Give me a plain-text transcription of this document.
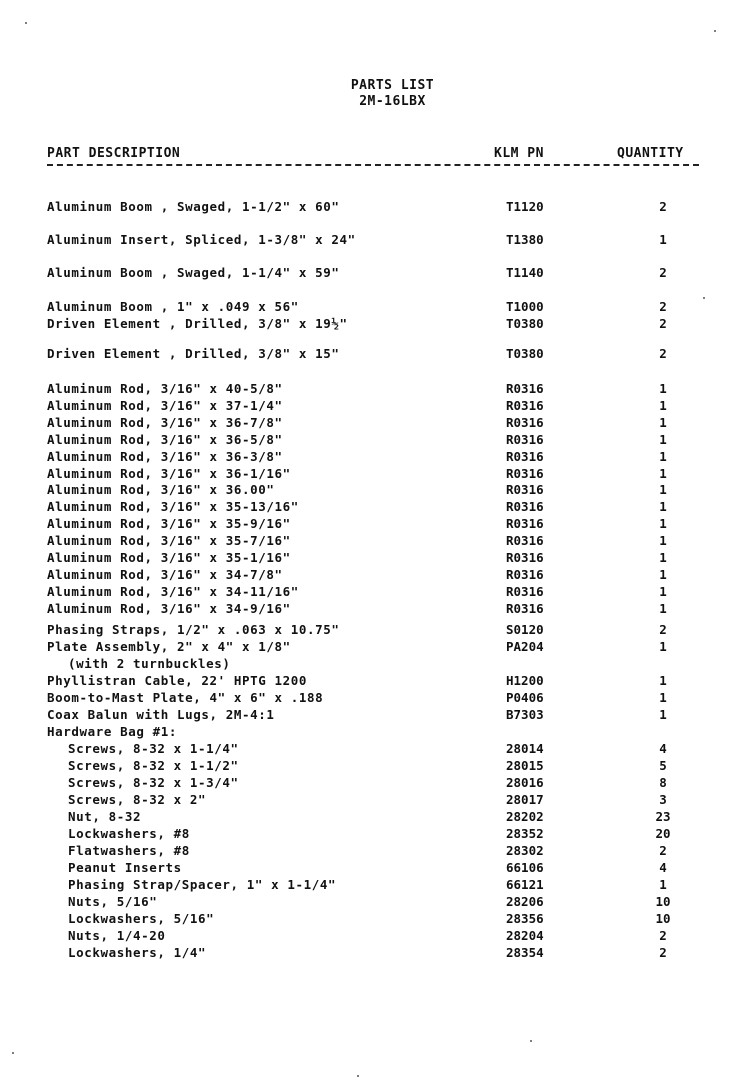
PARTS LIST
2M-16LBX
PART DESCRIPTION	KLM PN	QUANTITY
Aluminum Boom , Swaged, 1-1/2" x 60"	T1120	2
Aluminum Insert, Spliced, 1-3/8" x 24"	T1380	1
Aluminum Boom , Swaged, 1-1/4" x 59"	T1140	2
Aluminum Boom , 1" x .049 x 56"	T1000	2
Driven Element , Drilled, 3/8" x 19½"	T0380	2
Driven Element , Drilled, 3/8" x 15"	T0380	2
Aluminum Rod, 3/16" x 40-5/8"	R0316	1
Aluminum Rod, 3/16" x 37-1/4"	R0316	1
Aluminum Rod, 3/16" x 36-7/8"	R0316	1
Aluminum Rod, 3/16" x 36-5/8"	R0316	1
Aluminum Rod, 3/16" x 36-3/8"	R0316	1
Aluminum Rod, 3/16" x 36-1/16"	R0316	1
Aluminum Rod, 3/16" x 36.00"	R0316	1
Aluminum Rod, 3/16" x 35-13/16"	R0316	1
Aluminum Rod, 3/16" x 35-9/16"	R0316	1
Aluminum Rod, 3/16" x 35-7/16"	R0316	1
Aluminum Rod, 3/16" x 35-1/16"	R0316	1
Aluminum Rod, 3/16" x 34-7/8"	R0316	1
Aluminum Rod, 3/16" x 34-11/16"	R0316	1
Aluminum Rod, 3/16" x 34-9/16"	R0316	1
Phasing Straps, 1/2" x .063 x 10.75"	S0120	2
Plate Assembly, 2" x 4" x 1/8"	PA204	1
(with 2 turnbuckles)
Phyllistran Cable, 22' HPTG 1200	H1200	1
Boom-to-Mast Plate, 4" x 6" x .188	P0406	1
Coax Balun with Lugs, 2M-4:1	B7303	1
Hardware Bag #1:
Screws, 8-32 x 1-1/4"	28014	4
Screws, 8-32 x 1-1/2"	28015	5
Screws, 8-32 x 1-3/4"	28016	8
Screws, 8-32 x 2"	28017	3
Nut, 8-32	28202	23
Lockwashers, #8	28352	20
Flatwashers, #8	28302	2
Peanut Inserts	66106	4
Phasing Strap/Spacer, 1" x 1-1/4"	66121	1
Nuts, 5/16"	28206	10
Lockwashers, 5/16"	28356	10
Nuts, 1/4-20	28204	2
Lockwashers, 1/4"	28354	2
